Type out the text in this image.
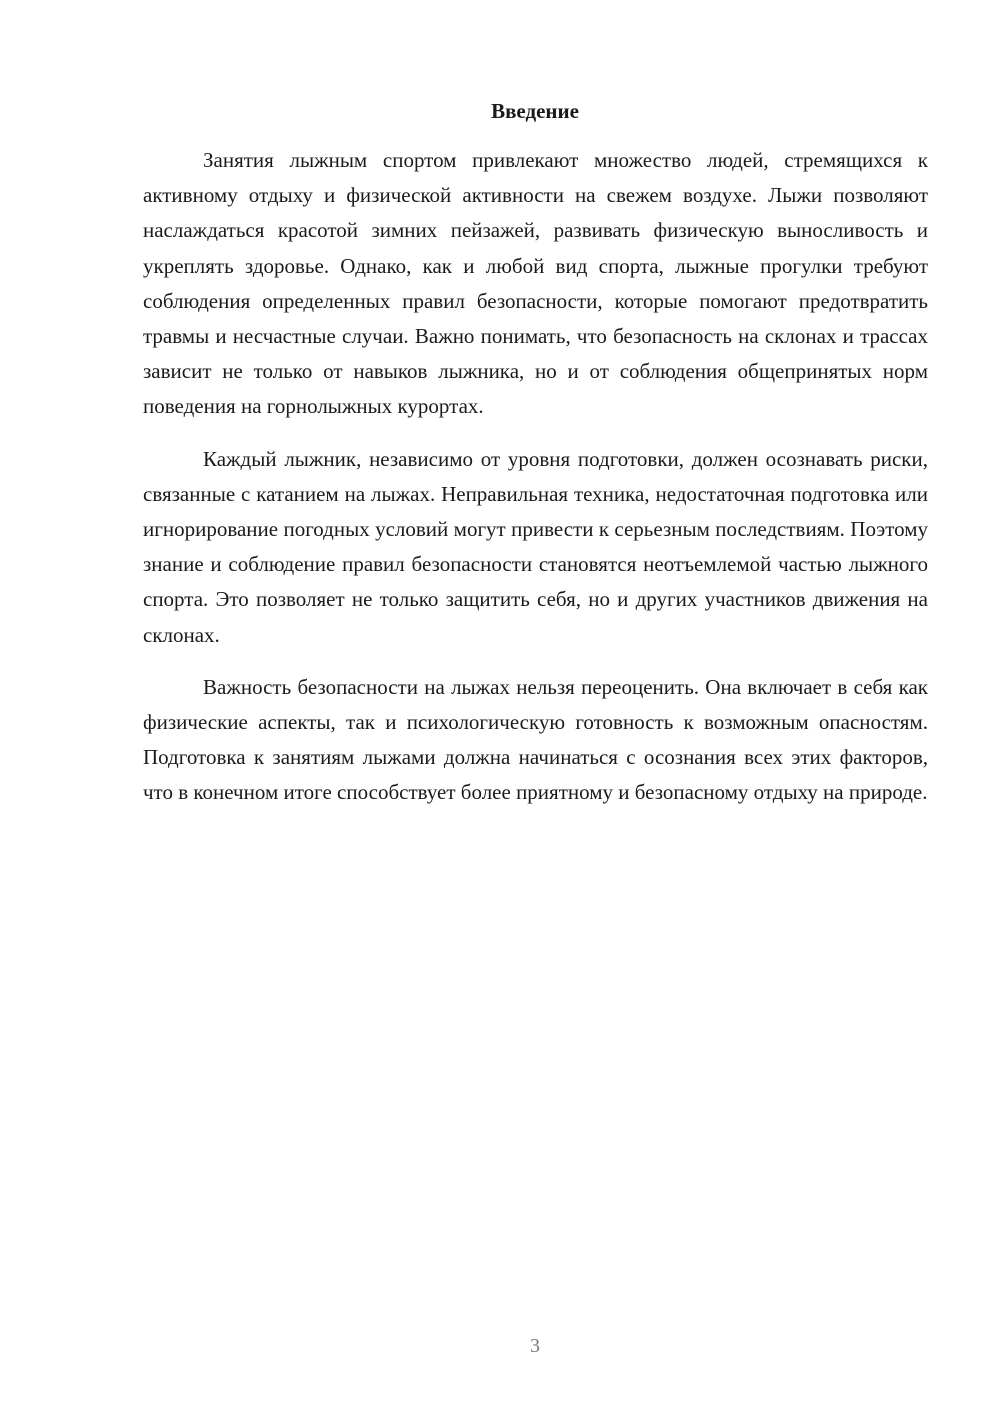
Введение

Занятия лыжным спортом привлекают множество людей, стремящихся к активному отдыху и физической активности на свежем воздухе. Лыжи позволяют наслаждаться красотой зимних пейзажей, развивать физическую выносливость и укреплять здоровье. Однако, как и любой вид спорта, лыжные прогулки требуют соблюдения определенных правил безопасности, которые помогают предотвратить травмы и несчастные случаи. Важно понимать, что безопасность на склонах и трассах зависит не только от навыков лыжника, но и от соблюдения общепринятых норм поведения на горнолыжных курортах.

Каждый лыжник, независимо от уровня подготовки, должен осознавать риски, связанные с катанием на лыжах. Неправильная техника, недостаточная подготовка или игнорирование погодных условий могут привести к серьезным последствиям. Поэтому знание и соблюдение правил безопасности становятся неотъемлемой частью лыжного спорта. Это позволяет не только защитить себя, но и других участников движения на склонах.

Важность безопасности на лыжах нельзя переоценить. Она включает в себя как физические аспекты, так и психологическую готовность к возможным опасностям. Подготовка к занятиям лыжами должна начинаться с осознания всех этих факторов, что в конечном итоге способствует более приятному и безопасному отдыху на природе.

3
